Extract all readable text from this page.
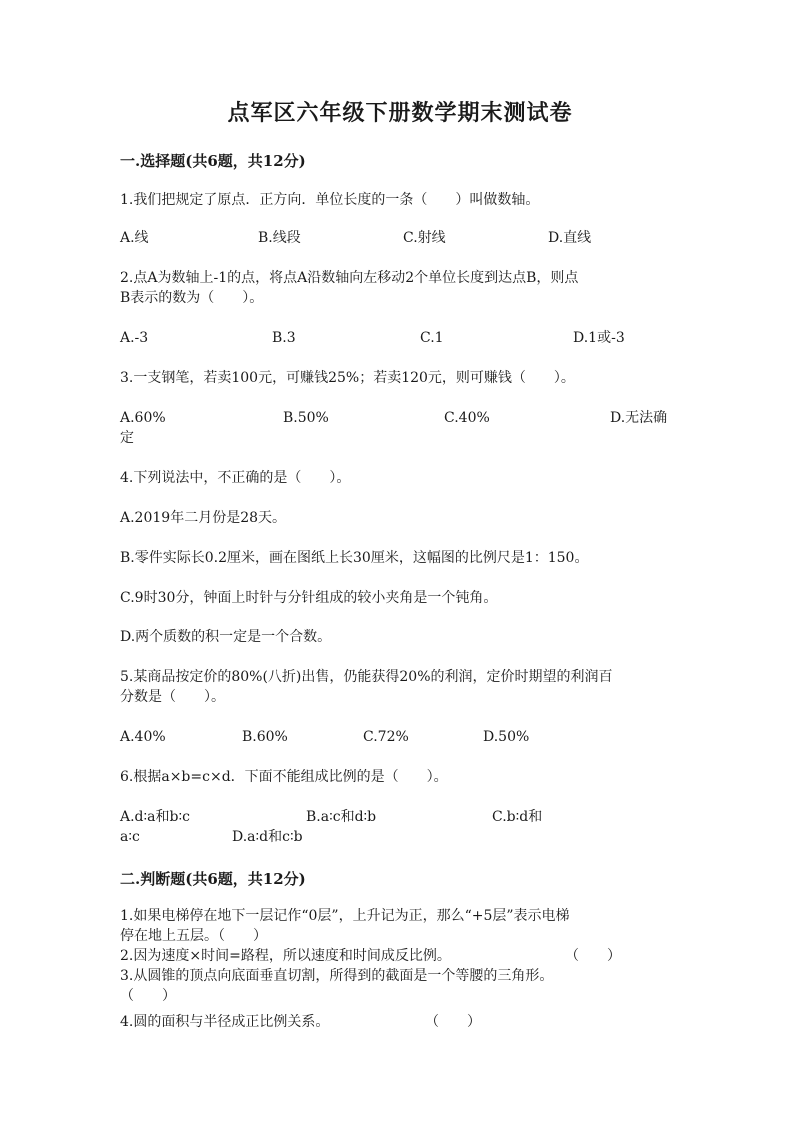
点军区六年级下册数学期末测试卷
一.选择题(共6题，共12分)
1.我们把规定了原点．正方向．单位长度的一条（　　）叫做数轴。
A.线	B.线段	C.射线	D.直线
2.点A为数轴上-1的点，将点A沿数轴向左移动2个单位长度到达点B，则点
B表示的数为（　　）。
A.-3	B.3	C.1	D.1或-3
3.一支钢笔，若卖100元，可赚钱25%；若卖120元，则可赚钱（　　）。
A.60%	B.50%	C.40%	D.无法确
定
4.下列说法中，不正确的是（　　）。
A.2019年二月份是28天。
B.零件实际长0.2厘米，画在图纸上长30厘米，这幅图的比例尺是1：150。
C.9时30分，钟面上时针与分针组成的较小夹角是一个钝角。
D.两个质数的积一定是一个合数。
5.某商品按定价的80%(八折)出售，仍能获得20%的利润，定价时期望的利润百
分数是（　　）。
A.40%	B.60%	C.72%	D.50%
6.根据a×b=c×d．下面不能组成比例的是（　　）。
A.d∶a和b∶c	B.a∶c和d∶b	C.b∶d和
a∶c	D.a∶d和c∶b
二.判断题(共6题，共12分)
1.如果电梯停在地下一层记作“0层”，上升记为正，那么“+5层”表示电梯
停在地上五层。（　　）
2.因为速度×时间=路程，所以速度和时间成反比例。	（　　）
3.从圆锥的顶点向底面垂直切割，所得到的截面是一个等腰的三角形。
（　　）
4.圆的面积与半径成正比例关系。	（　　）
